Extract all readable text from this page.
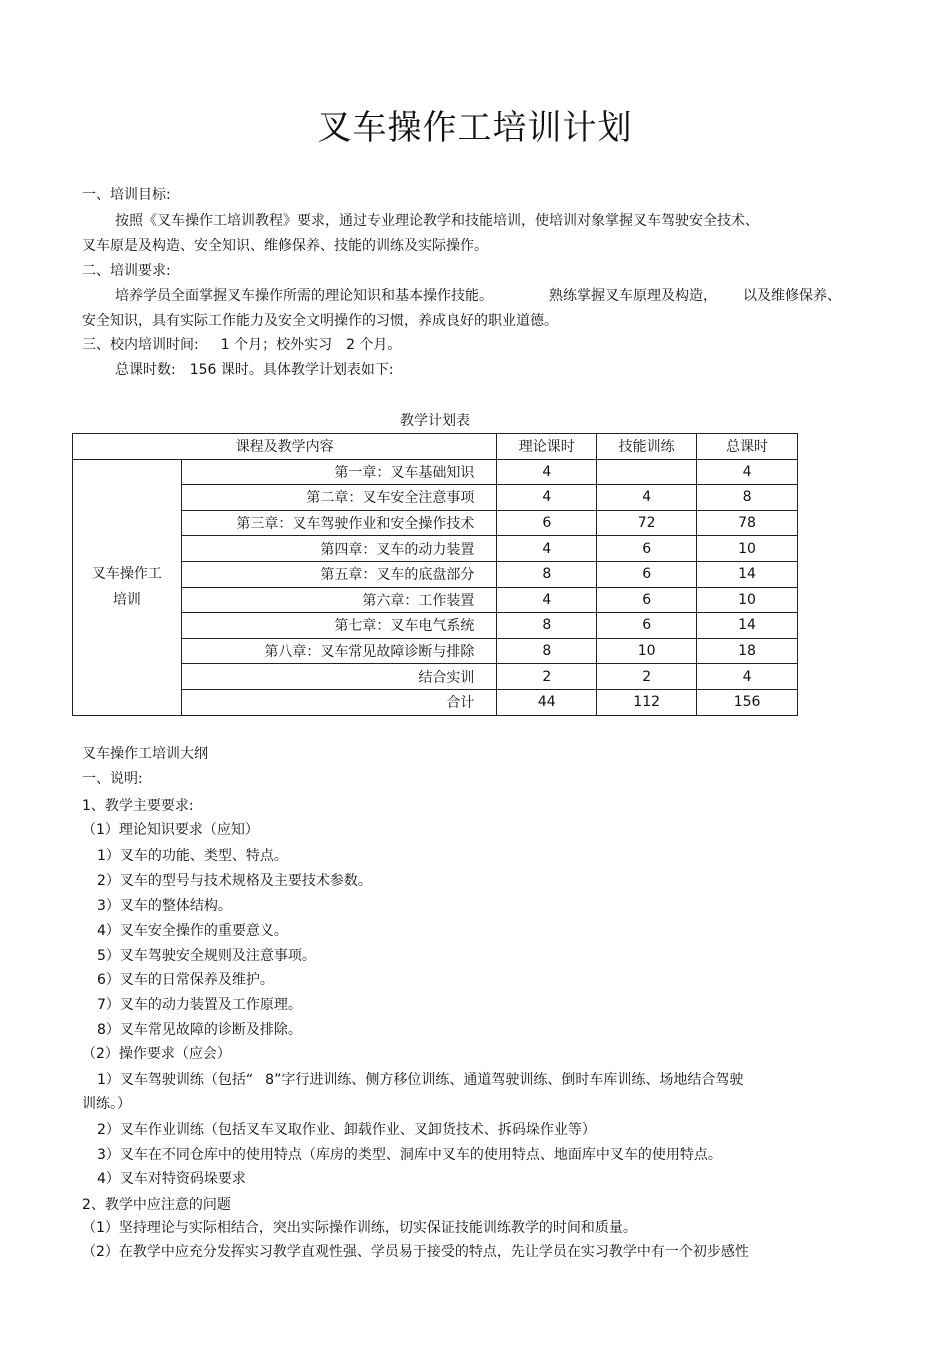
叉车操作工培训计划
一、培训目标:
按照《叉车操作工培训教程》要求，通过专业理论教学和技能培训，使培训对象掌握叉车驾驶安全技术、
叉车原是及构造、安全知识、维修保养、技能的训练及实际操作。
二、培训要求:
培养学员全面掌握叉车操作所需的理论知识和基本操作技能。	熟练掌握叉车原理及构造， 以及维修保养、
安全知识，具有实际工作能力及安全文明操作的习惯，养成良好的职业道德。
三、校内培训时间: 1 个月；校外实习 2 个月。
总课时数: 156 课时。具体教学计划表如下:
教学计划表
课程及教学内容		理论课时	技能训练	总课时

叉车操作工
培训	第一章：叉车基础知识	4		4
	第二章：叉车安全注意事项	4	4	8
	第三章：叉车驾驶作业和安全操作技术	6	72	78
	第四章：叉车的动力装置	4	6	10
	第五章：叉车的底盘部分	8	6	14
	第六章：工作装置	4	6	10
	第七章：叉车电气系统	8	6	14
	第八章：叉车常见故障诊断与排除	8	10	18
	结合实训	2	2	4
	合计	44	112	156
叉车操作工培训大纲
一、说明:
1、教学主要要求:
（1）理论知识要求（应知）
1）叉车的功能、类型、特点。
2）叉车的型号与技术规格及主要技术参数。
3）叉车的整体结构。
4）叉车安全操作的重要意义。
5）叉车驾驶安全规则及注意事项。
6）叉车的日常保养及维护。
7）叉车的动力装置及工作原理。
8）叉车常见故障的诊断及排除。
（2）操作要求（应会）
1）叉车驾驶训练（包括“ 8”字行进训练、侧方移位训练、通道驾驶训练、倒时车库训练、场地结合驾驶
训练。）
2）叉车作业训练（包括叉车叉取作业、卸载作业、叉卸货技术、拆码垛作业等）
3）叉车在不同仓库中的使用特点（库房的类型、洞库中叉车的使用特点、地面库中叉车的使用特点。
4）叉车对特资码垛要求
2、教学中应注意的问题
（1）坚持理论与实际相结合，突出实际操作训练，切实保证技能训练教学的时间和质量。
（2）在教学中应充分发挥实习教学直观性强、学员易于接受的特点，先让学员在实习教学中有一个初步感性
